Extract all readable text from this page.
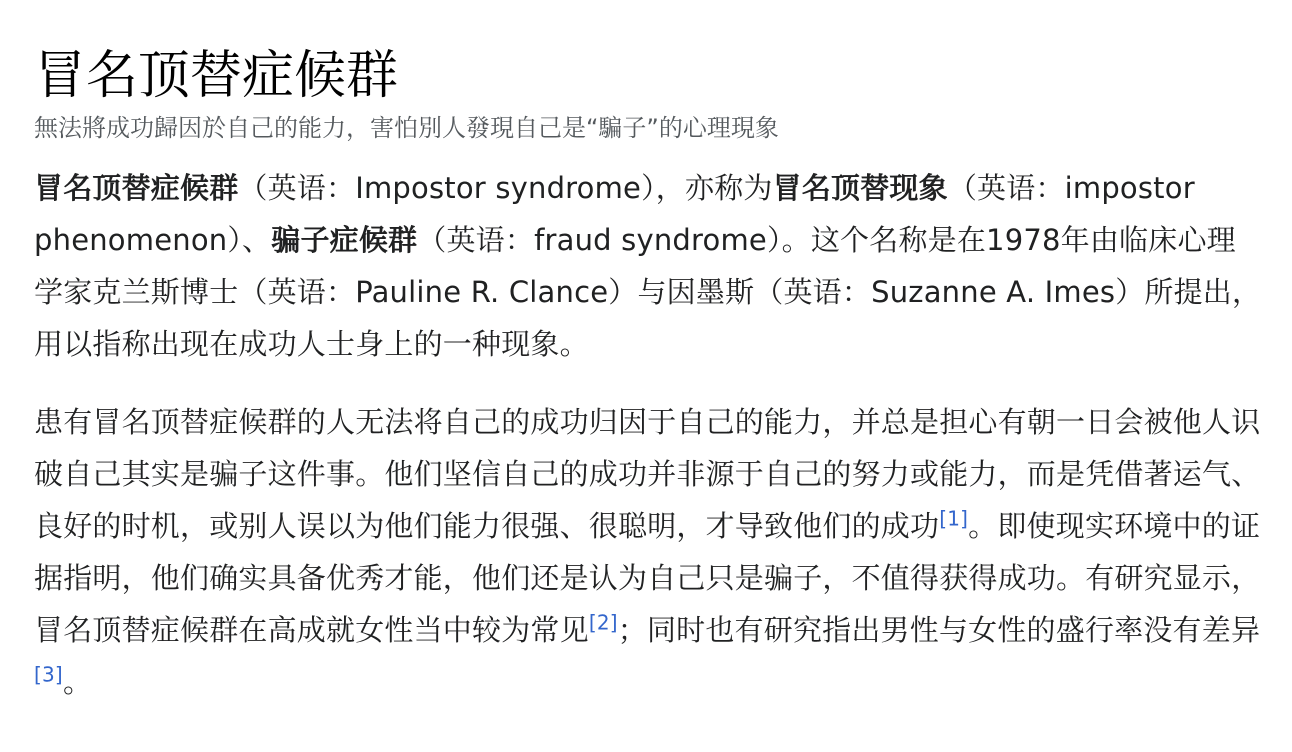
冒名顶替症候群
無法將成功歸因於自己的能力，害怕別人發現自己是“騙子”的心理現象

冒名顶替症候群（英语：Impostor syndrome），亦称为冒名顶替现象（英语：impostor phenomenon）、骗子症候群（英语：fraud syndrome）。这个名称是在1978年由临床心理学家克兰斯博士（英语：Pauline R. Clance）与因墨斯（英语：Suzanne A. Imes）所提出，用以指称出现在成功人士身上的一种现象。

患有冒名顶替症候群的人无法将自己的成功归因于自己的能力，并总是担心有朝一日会被他人识破自己其实是骗子这件事。他们坚信自己的成功并非源于自己的努力或能力，而是凭借著运气、良好的时机，或别人误以为他们能力很强、很聪明，才导致他们的成功[1]。即使现实环境中的证据指明，他们确实具备优秀才能，他们还是认为自己只是骗子，不值得获得成功。有研究显示，冒名顶替症候群在高成就女性当中较为常见[2]；同时也有研究指出男性与女性的盛行率没有差异[3]。
